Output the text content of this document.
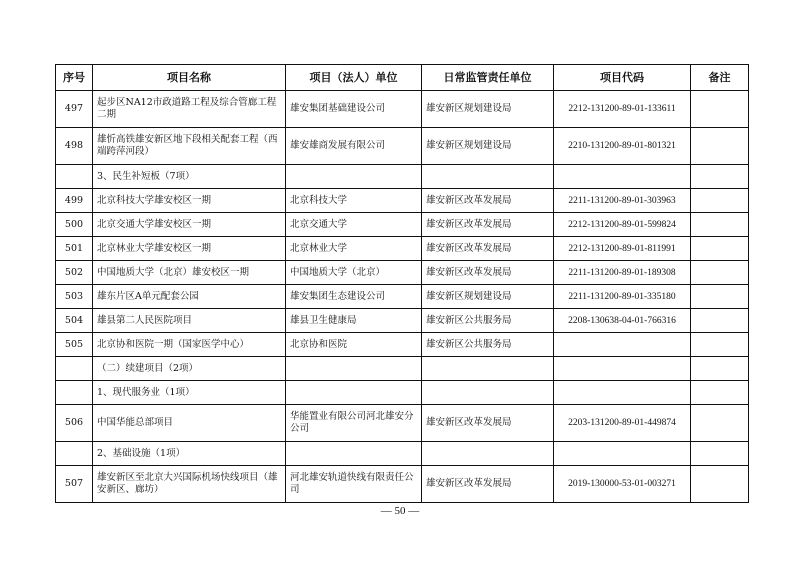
序号	项目名称	项目（法人）单位	日常监管责任单位	项目代码	备注
497	起步区NA12市政道路工程及综合管廊工程二期	雄安集团基础建设公司	雄安新区规划建设局	2212-131200-89-01-133611	
498	雄忻高铁雄安新区地下段相关配套工程（西端跨萍河段）	雄安雄商发展有限公司	雄安新区规划建设局	2210-131200-89-01-801321	
	3、民生补短板（7项）				
499	北京科技大学雄安校区一期	北京科技大学	雄安新区改革发展局	2211-131200-89-01-303963	
500	北京交通大学雄安校区一期	北京交通大学	雄安新区改革发展局	2212-131200-89-01-599824	
501	北京林业大学雄安校区一期	北京林业大学	雄安新区改革发展局	2212-131200-89-01-811991	
502	中国地质大学（北京）雄安校区一期	中国地质大学（北京）	雄安新区改革发展局	2211-131200-89-01-189308	
503	雄东片区A单元配套公园	雄安集团生态建设公司	雄安新区规划建设局	2211-131200-89-01-335180	
504	雄县第二人民医院项目	雄县卫生健康局	雄安新区公共服务局	2208-130638-04-01-766316	
505	北京协和医院一期（国家医学中心）	北京协和医院	雄安新区公共服务局		
	（二）续建项目（2项）				
	1、现代服务业（1项）				
506	中国华能总部项目	华能置业有限公司河北雄安分公司	雄安新区改革发展局	2203-131200-89-01-449874	
	2、基础设施（1项）				
507	雄安新区至北京大兴国际机场快线项目（雄安新区、廊坊）	河北雄安轨道快线有限责任公司	雄安新区改革发展局	2019-130000-53-01-003271	
— 50 —
